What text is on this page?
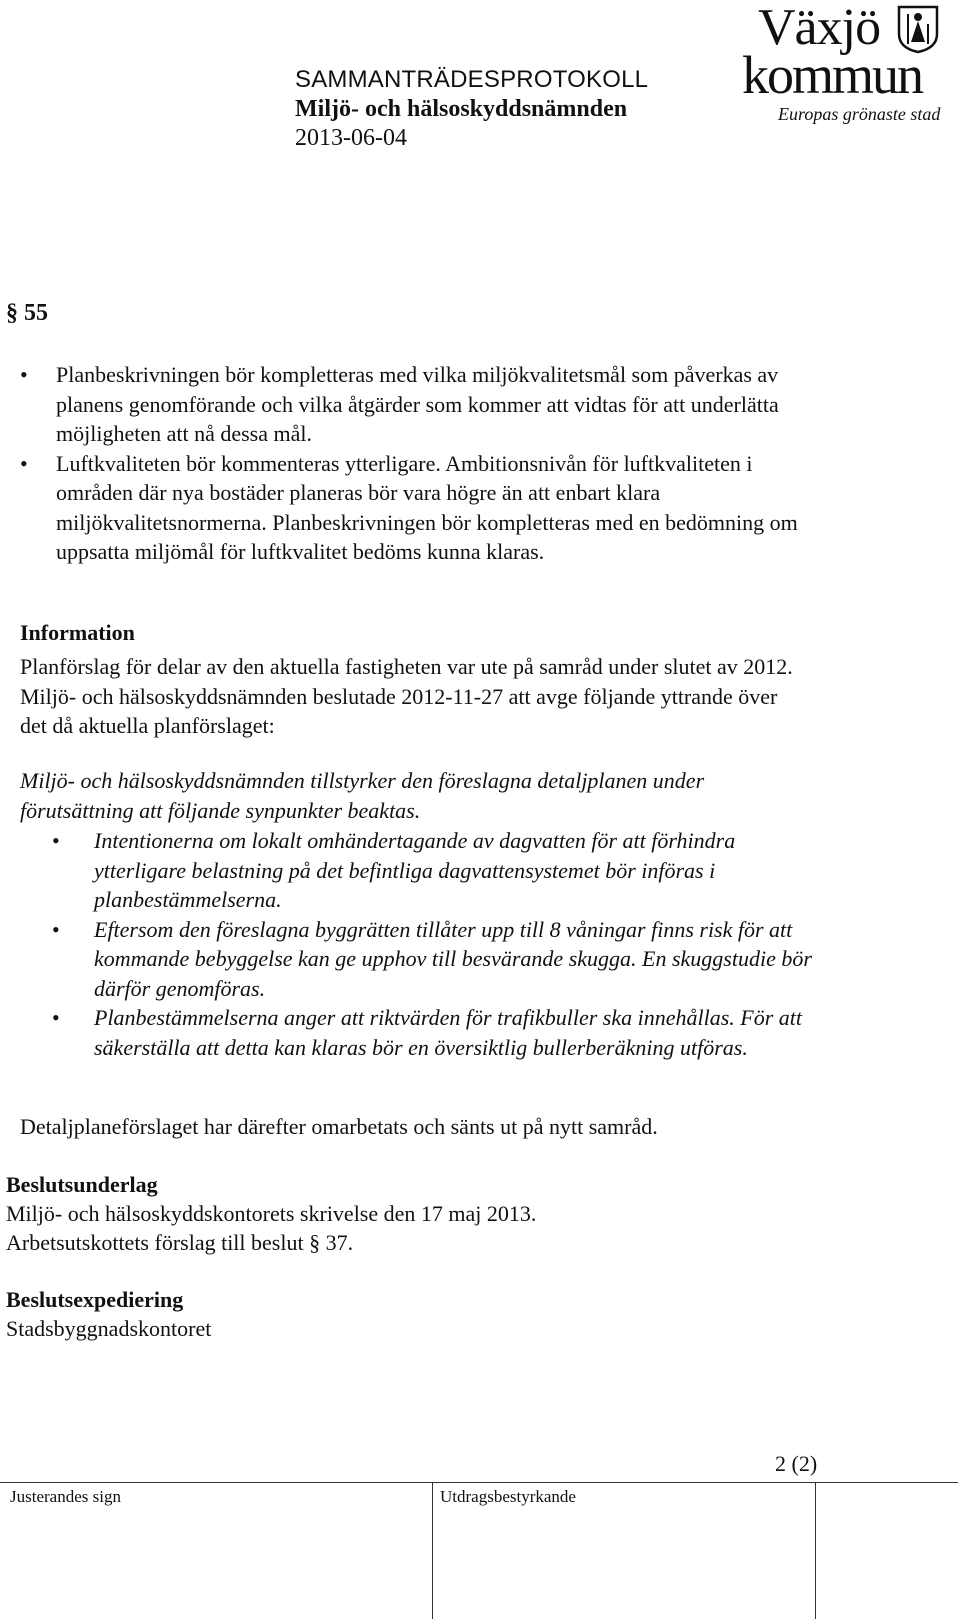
SAMMANTRÄDESPROTOKOLL
Miljö- och hälsoskyddsnämnden
2013-06-04
Växjö
kommun
Europas grönaste stad
§ 55
• Planbeskrivningen bör kompletteras med vilka miljökvalitetsmål som påverkas av planens genomförande och vilka åtgärder som kommer att vidtas för att underlätta möjligheten att nå dessa mål.

• Luftkvaliteten bör kommenteras ytterligare. Ambitionsnivån för luftkvaliteten i områden där nya bostäder planeras bör vara högre än att enbart klara miljökvalitetsnormerna. Planbeskrivningen bör kompletteras med en bedömning om uppsatta miljömål för luftkvalitet bedöms kunna klaras.

Information
Planförslag för delar av den aktuella fastigheten var ute på samråd under slutet av 2012. Miljö- och hälsoskyddsnämnden beslutade 2012-11-27 att avge följande yttrande över det då aktuella planförslaget:
Miljö- och hälsoskyddsnämnden tillstyrker den föreslagna detaljplanen under förutsättning att följande synpunkter beaktas.
• Intentionerna om lokalt omhändertagande av dagvatten för att förhindra ytterligare belastning på det befintliga dagvattensystemet bör införas i planbestämmelserna.
• Eftersom den föreslagna byggrätten tillåter upp till 8 våningar finns risk för att kommande bebyggelse kan ge upphov till besvärande skugga. En skuggstudie bör därför genomföras.
• Planbestämmelserna anger att riktvärden för trafikbuller ska innehållas. För att säkerställa att detta kan klaras bör en översiktlig bullerberäkning utföras.
Detaljplaneförslaget har därefter omarbetats och sänts ut på nytt samråd.
Beslutsunderlag
Miljö- och hälsoskyddskontorets skrivelse den 17 maj 2013.
Arbetsutskottets förslag till beslut § 37.
Beslutsexpediering
Stadsbyggnadskontoret
2 (2)
Justerandes sign	Utdragsbestyrkande
